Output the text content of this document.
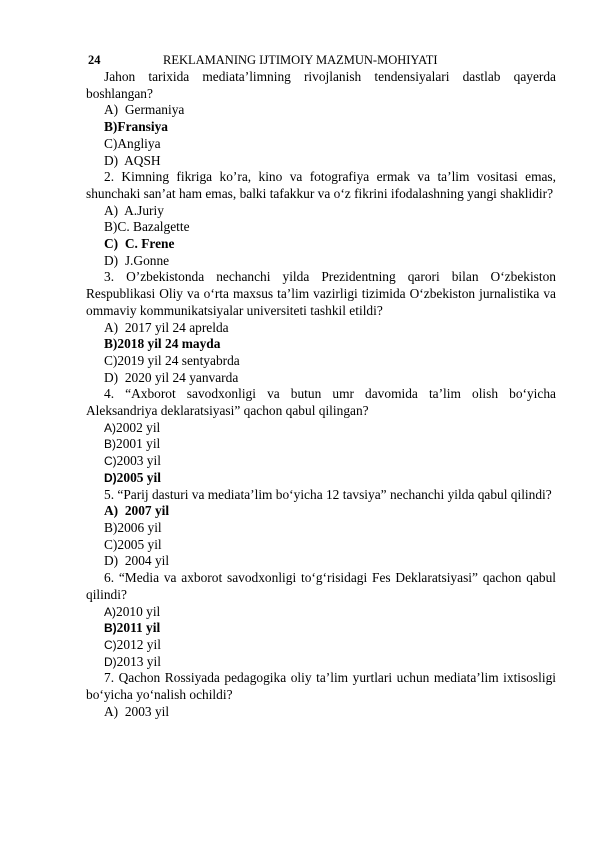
24	REKLAMANING IJTIMOIY MAZMUN-MOHIYATI

Jahon tarixida mediata’limning rivojlanish tendensiyalari dastlab qayerda boshlangan?

A) Germaniya
B)Fransiya
C)Angliya
D) AQSH

2. Kimning fikriga ko’ra, kino va fotografiya ermak va ta’lim vositasi emas, shunchaki san’at ham emas, balki tafakkur va o‘z fikrini ifodalashning yangi shaklidir?

A) A.Juriy
B)C. Bazalgette
C) C. Frene
D) J.Gonne

3. O’zbekistonda nechanchi yilda Prezidentning qarori bilan O‘zbekiston Respublikasi Oliy va o‘rta maxsus ta’lim vazirligi tizimida O‘zbekiston jurnalistika va ommaviy kommunikatsiyalar universiteti tashkil etildi?

A) 2017 yil 24 aprelda
B)2018 yil 24 mayda
C)2019 yil 24 sentyabrda
D) 2020 yil 24 yanvarda

4. “Axborot savodxonligi va butun umr davomida ta’lim olish bo‘yicha Aleksandriya deklaratsiyasi” qachon qabul qilingan?

A)2002 yil
B)2001 yil
C)2003 yil
D)2005 yil

5. “Parij dasturi va mediata’lim bo‘yicha 12 tavsiya” nechanchi yilda qabul qilindi?

A) 2007 yil
B)2006 yil
C)2005 yil
D) 2004 yil

6. “Media va axborot savodxonligi to‘g‘risidagi Fes Deklaratsiyasi” qachon qabul qilindi?

A)2010 yil
B)2011 yil
C)2012 yil
D)2013 yil

7. Qachon Rossiyada pedagogika oliy ta’lim yurtlari uchun mediata’lim ixtisosligi bo‘yicha yo‘nalish ochildi?

A) 2003 yil
